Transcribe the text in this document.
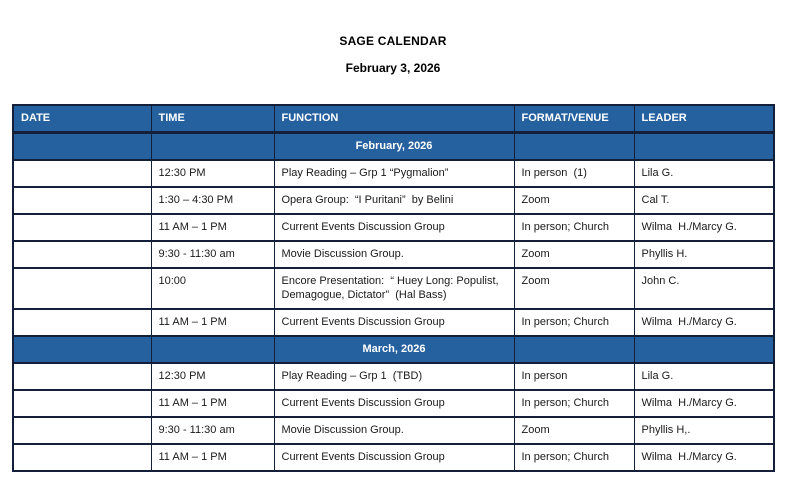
SAGE CALENDAR
February 3, 2026
DATE	TIME	FUNCTION	FORMAT/VENUE	LEADER
		February, 2026		
Mon. Feb. 2	12:30 PM	Play Reading – Grp 1 “Pygmalion”	In person  (1)	Lila G.
Fri., Feb 6	1:30 – 4:30 PM	Opera Group:  “I Puritani”  by Belini	Zoom	Cal T.
Fri., Feb. 13	11 AM – 1 PM	Current Events Discussion Group	In person; Church	Wilma  H./Marcy G.
Mon., Feb. 16	9:30 - 11:30 am	Movie Discussion Group.	Zoom	Phyllis H.
Mon., Feb 23	10:00	Encore Presentation:  “ Huey Long: Populist, Demagogue, Dictator”  (Hal Bass)	Zoom	John C.
Fri., Feb. 27	11 AM – 1 PM	Current Events Discussion Group	In person; Church	Wilma  H./Marcy G.
		March, 2026		
Mon. March 2	12:30 PM	Play Reading – Grp 1  (TBD)	In person	Lila G.
Fri., March 13	11 AM – 1 PM	Current Events Discussion Group	In person; Church	Wilma  H./Marcy G.
Mon., March  16	9:30 - 11:30 am	Movie Discussion Group.	Zoom	Phyllis H,.
Fri., March  27	11 AM – 1 PM	Current Events Discussion Group	In person; Church	Wilma  H./Marcy G.
